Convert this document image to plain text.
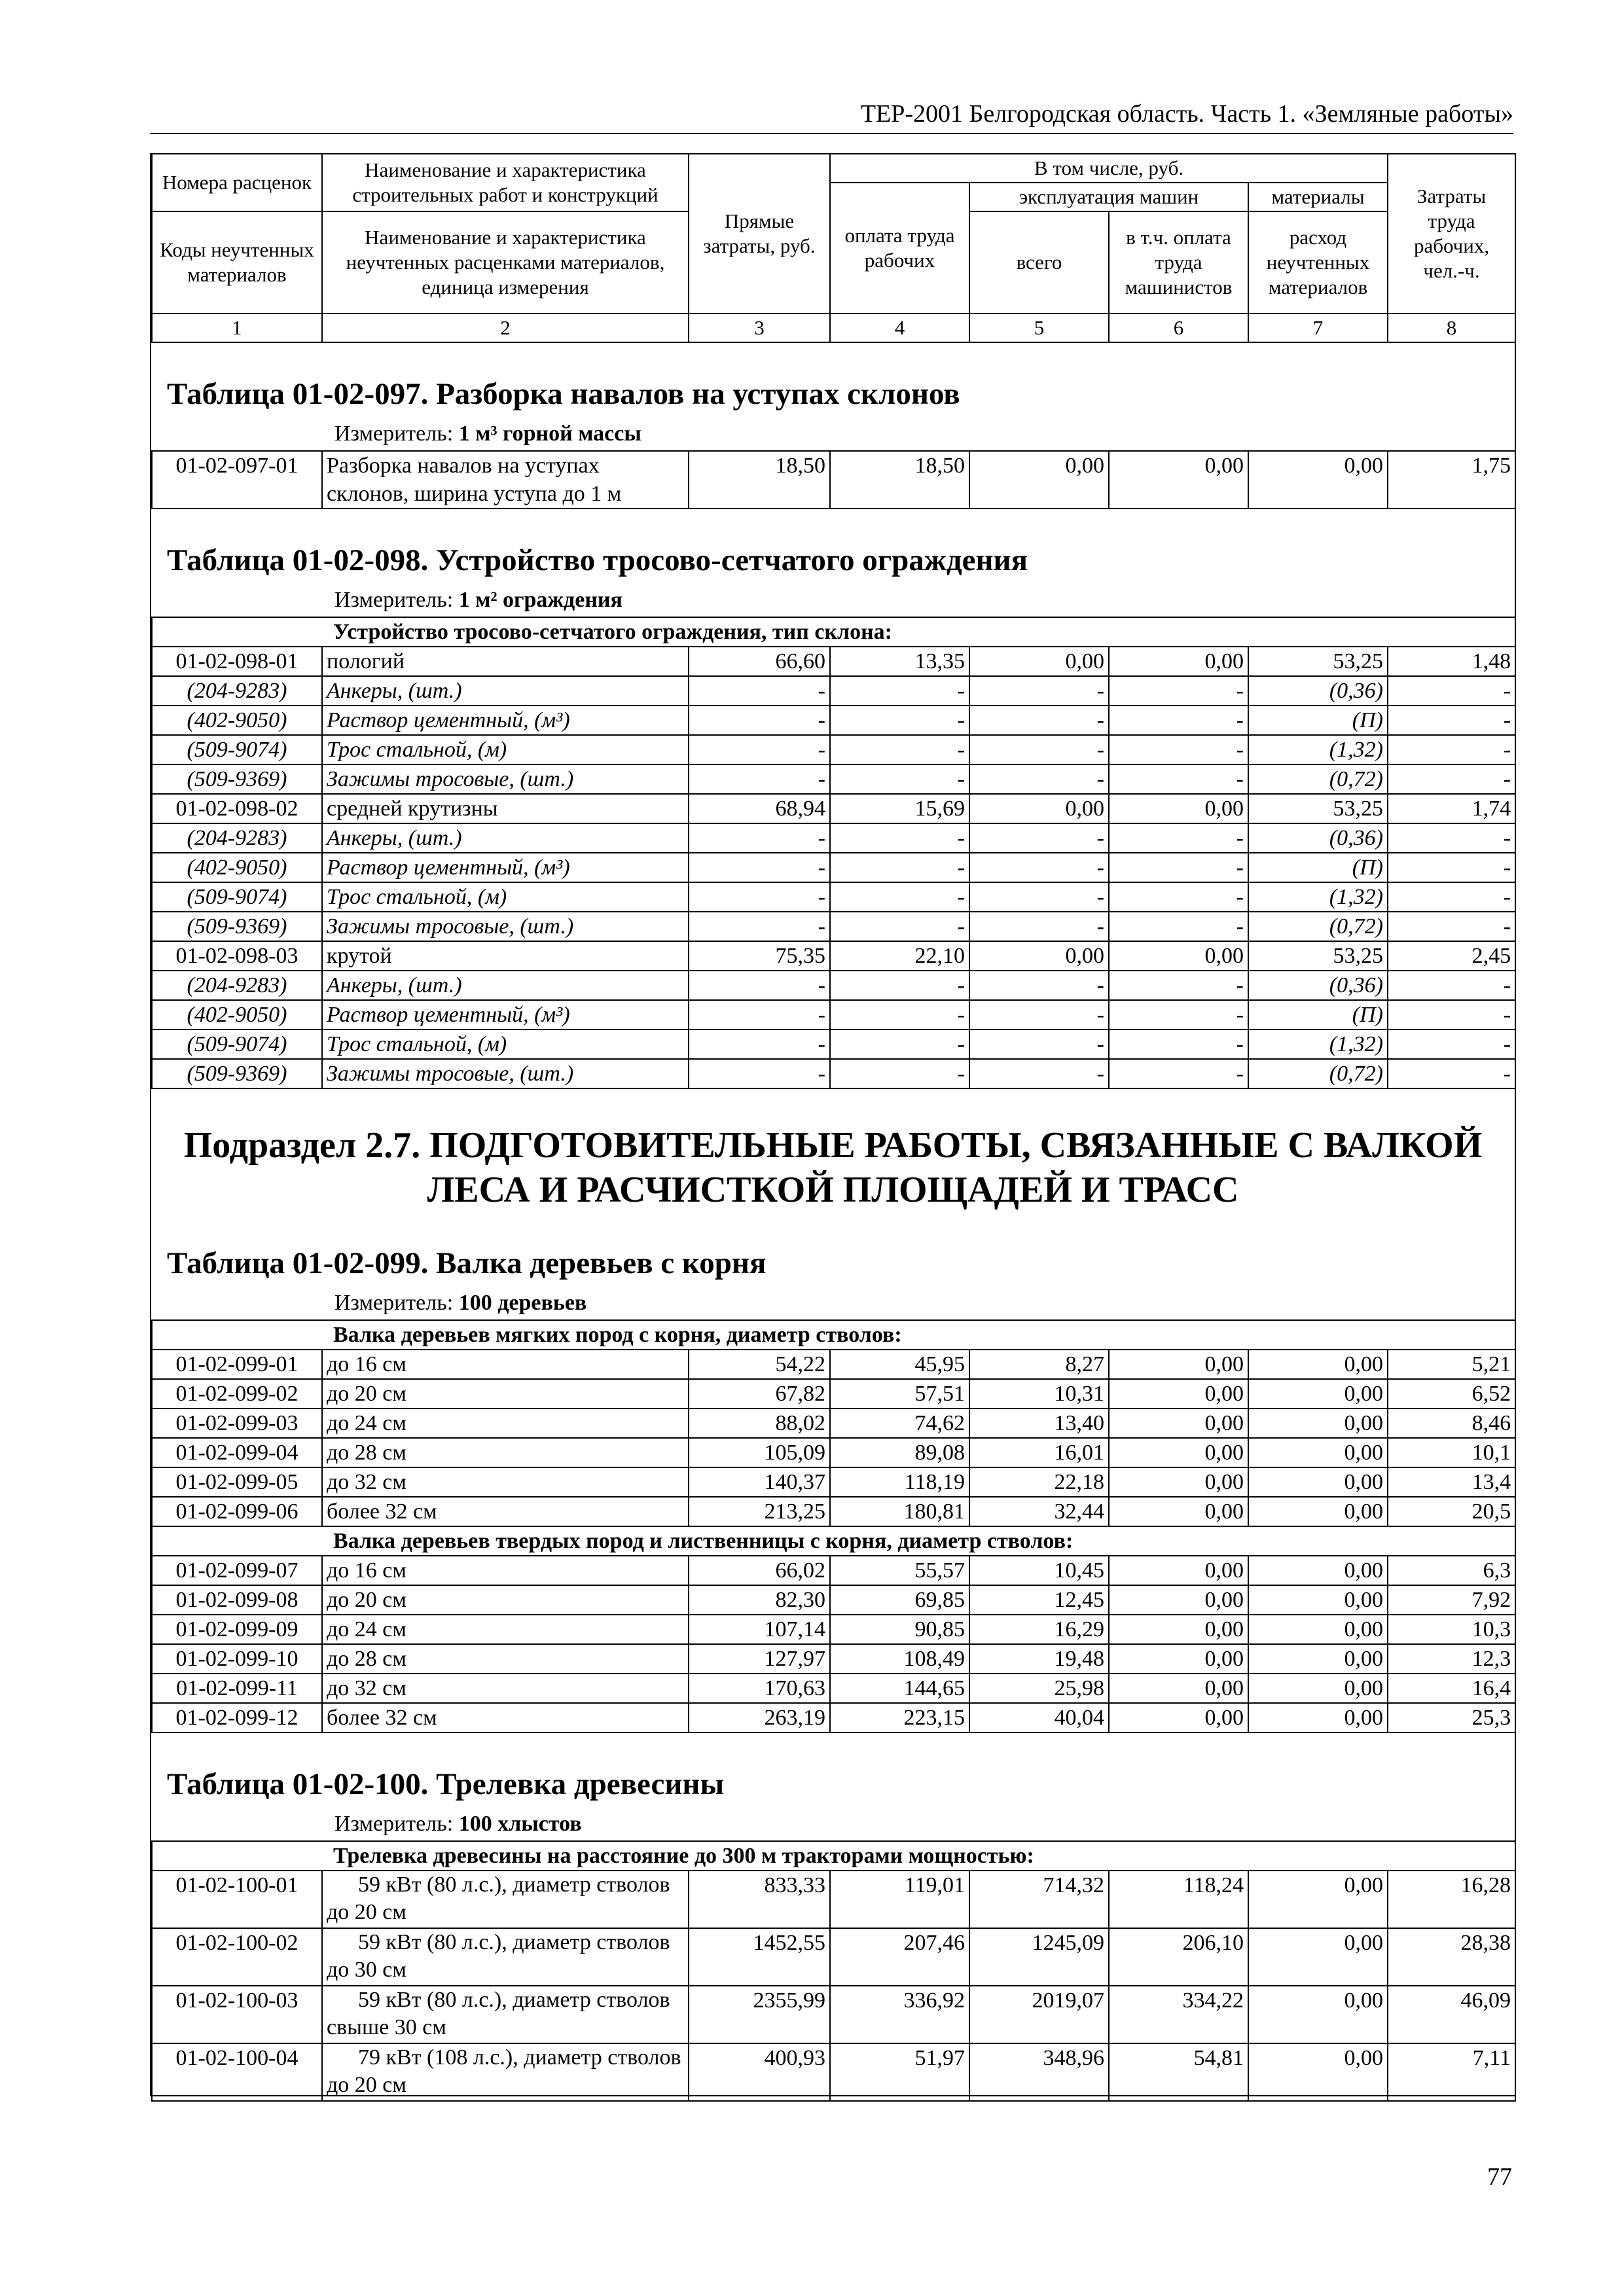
ТЕР-2001 Белгородская область. Часть 1. «Земляные работы»
Номера расценок	Наименование и характеристика строительных работ и конструкций	Прямые затраты, руб.	В том числе, руб.				Затраты труда рабочих, чел.-ч.
			оплата труда рабочих	эксплуатация машин		материалы	
Коды неучтенных материалов	Наименование и характеристика неучтенных расценками материалов, единица измерения			всего	в т.ч. оплата труда машинистов	расход неучтенных материалов	

1	2	3	4	5	6	7	8
Таблица 01-02-097. Разборка навалов на уступах склонов
Измеритель: 1 м³ горной массы
01-02-097-01	Разборка навалов на уступах склонов, ширина уступа до 1 м	18,50	18,50	0,00	0,00	0,00	1,75
Таблица 01-02-098. Устройство тросово-сетчатого ограждения
Измеритель: 1 м² ограждения
Устройство тросово-сетчатого ограждения, тип склона:							
01-02-098-01	пологий	66,60	13,35	0,00	0,00	53,25	1,48
(204-9283)	Анкеры, (шт.)	-	-	-	-	(0,36)	-
(402-9050)	Раствор цементный, (м³)	-	-	-	-	(П)	-
(509-9074)	Трос стальной, (м)	-	-	-	-	(1,32)	-
(509-9369)	Зажимы тросовые, (шт.)	-	-	-	-	(0,72)	-
01-02-098-02	средней крутизны	68,94	15,69	0,00	0,00	53,25	1,74
(204-9283)	Анкеры, (шт.)	-	-	-	-	(0,36)	-
(402-9050)	Раствор цементный, (м³)	-	-	-	-	(П)	-
(509-9074)	Трос стальной, (м)	-	-	-	-	(1,32)	-
(509-9369)	Зажимы тросовые, (шт.)	-	-	-	-	(0,72)	-
01-02-098-03	крутой	75,35	22,10	0,00	0,00	53,25	2,45
(204-9283)	Анкеры, (шт.)	-	-	-	-	(0,36)	-
(402-9050)	Раствор цементный, (м³)	-	-	-	-	(П)	-
(509-9074)	Трос стальной, (м)	-	-	-	-	(1,32)	-
(509-9369)	Зажимы тросовые, (шт.)	-	-	-	-	(0,72)	-
Подраздел 2.7. ПОДГОТОВИТЕЛЬНЫЕ РАБОТЫ, СВЯЗАННЫЕ С ВАЛКОЙ ЛЕСА И РАСЧИСТКОЙ ПЛОЩАДЕЙ И ТРАСС
Таблица 01-02-099. Валка деревьев с корня
Измеритель: 100 деревьев
Валка деревьев мягких пород с корня, диаметр стволов:							
01-02-099-01	до 16 см	54,22	45,95	8,27	0,00	0,00	5,21
01-02-099-02	до 20 см	67,82	57,51	10,31	0,00	0,00	6,52
01-02-099-03	до 24 см	88,02	74,62	13,40	0,00	0,00	8,46
01-02-099-04	до 28 см	105,09	89,08	16,01	0,00	0,00	10,1
01-02-099-05	до 32 см	140,37	118,19	22,18	0,00	0,00	13,4
01-02-099-06	более 32 см	213,25	180,81	32,44	0,00	0,00	20,5
Валка деревьев твердых пород и лиственницы с корня, диаметр стволов:							
01-02-099-07	до 16 см	66,02	55,57	10,45	0,00	0,00	6,3
01-02-099-08	до 20 см	82,30	69,85	12,45	0,00	0,00	7,92
01-02-099-09	до 24 см	107,14	90,85	16,29	0,00	0,00	10,3
01-02-099-10	до 28 см	127,97	108,49	19,48	0,00	0,00	12,3
01-02-099-11	до 32 см	170,63	144,65	25,98	0,00	0,00	16,4
01-02-099-12	более 32 см	263,19	223,15	40,04	0,00	0,00	25,3
Таблица 01-02-100. Трелевка древесины
Измеритель: 100 хлыстов
Трелевка древесины на расстояние до 300 м тракторами мощностью:							
01-02-100-01	59 кВт (80 л.с.), диаметр стволов до 20 см	833,33	119,01	714,32	118,24	0,00	16,28
01-02-100-02	59 кВт (80 л.с.), диаметр стволов до 30 см	1452,55	207,46	1245,09	206,10	0,00	28,38
01-02-100-03	59 кВт (80 л.с.), диаметр стволов свыше 30 см	2355,99	336,92	2019,07	334,22	0,00	46,09
01-02-100-04	79 кВт (108 л.с.), диаметр стволов до 20 см	400,93	51,97	348,96	54,81	0,00	7,11
77
